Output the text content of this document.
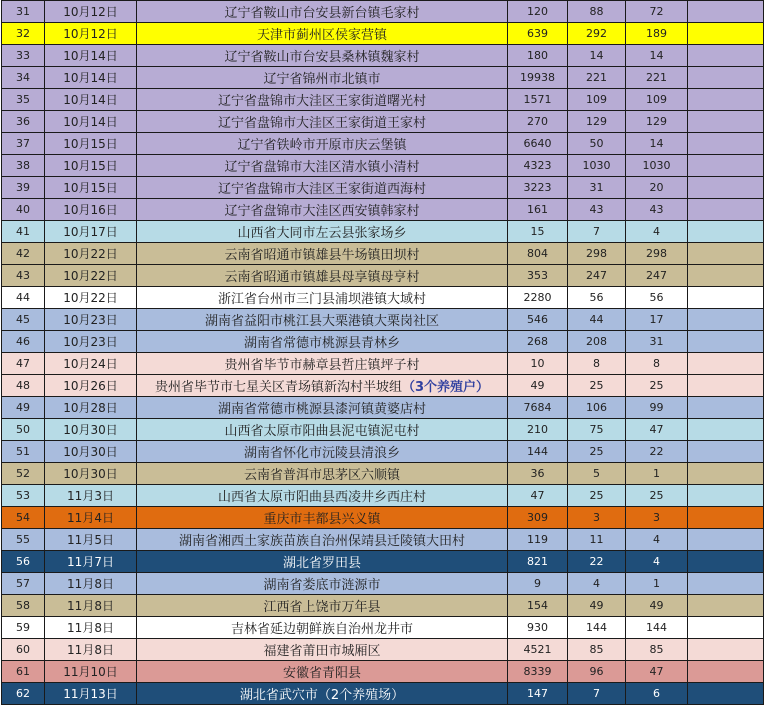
31	10月12日	辽宁省鞍山市台安县新台镇毛家村	120	88	72	
32	10月12日	天津市蓟州区侯家营镇	639	292	189	
33	10月14日	辽宁省鞍山市台安县桑林镇魏家村	180	14	14	
34	10月14日	辽宁省锦州市北镇市	19938	221	221	
35	10月14日	辽宁省盘锦市大洼区王家街道曙光村	1571	109	109	
36	10月14日	辽宁省盘锦市大洼区王家街道王家村	270	129	129	
37	10月15日	辽宁省铁岭市开原市庆云堡镇	6640	50	14	
38	10月15日	辽宁省盘锦市大洼区清水镇小清村	4323	1030	1030	
39	10月15日	辽宁省盘锦市大洼区王家街道西海村	3223	31	20	
40	10月16日	辽宁省盘锦市大洼区西安镇韩家村	161	43	43	
41	10月17日	山西省大同市左云县张家场乡	15	7	4	
42	10月22日	云南省昭通市镇雄县牛场镇田坝村	804	298	298	
43	10月22日	云南省昭通市镇雄县母享镇母亨村	353	247	247	
44	10月22日	浙江省台州市三门县浦坝港镇大域村	2280	56	56	
45	10月23日	湖南省益阳市桃江县大栗港镇大栗岗社区	546	44	17	
46	10月23日	湖南省常德市桃源县青林乡	268	208	31	
47	10月24日	贵州省毕节市赫章县哲庄镇坪子村	10	8	8	
48	10月26日	贵州省毕节市七星关区青场镇新沟村半坡组（3个养殖户）	49	25	25	
49	10月28日	湖南省常德市桃源县漆河镇黄婆店村	7684	106	99	
50	10月30日	山西省太原市阳曲县泥屯镇泥屯村	210	75	47	
51	10月30日	湖南省怀化市沅陵县清浪乡	144	25	22	
52	10月30日	云南省普洱市思茅区六顺镇	36	5	1	
53	11月3日	山西省太原市阳曲县西凌井乡西庄村	47	25	25	
54	11月4日	重庆市丰都县兴义镇	309	3	3	
55	11月5日	湖南省湘西土家族苗族自治州保靖县迁陵镇大田村	119	11	4	
56	11月7日	湖北省罗田县	821	22	4	
57	11月8日	湖南省娄底市涟源市	9	4	1	
58	11月8日	江西省上饶市万年县	154	49	49	
59	11月8日	吉林省延边朝鲜族自治州龙井市	930	144	144	
60	11月8日	福建省莆田市城厢区	4521	85	85	
61	11月10日	安徽省青阳县	8339	96	47	
62	11月13日	湖北省武穴市（2个养殖场）	147	7	6	
